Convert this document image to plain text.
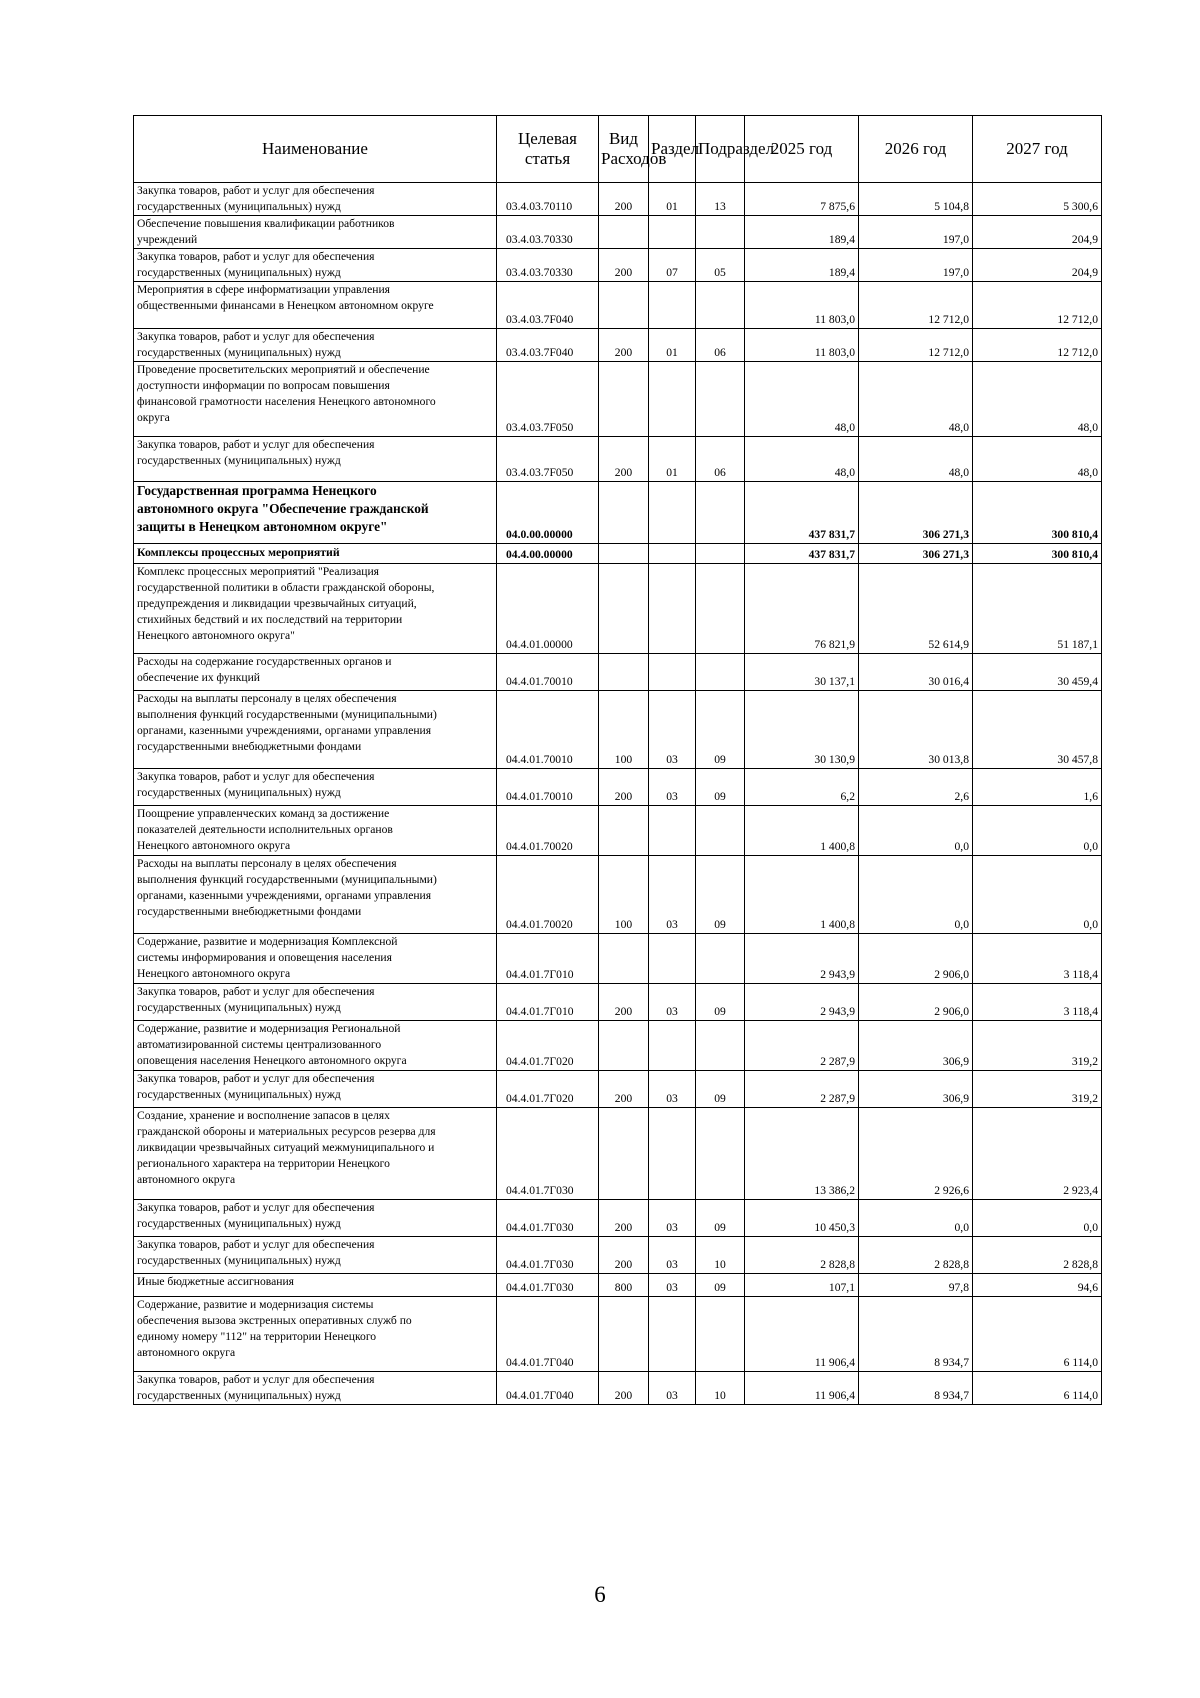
Наименование	Целевая статья	Вид Расходов	Раздел	Подраздел	2025 год	2026 год	2027 год
Закупка товаров, работ и услуг для обеспечения
государственных (муниципальных) нужд	03.4.03.70110	200	01	13	7 875,6	5 104,8	5 300,6
Обеспечение повышения квалификации работников
учреждений	03.4.03.70330				189,4	197,0	204,9
Закупка товаров, работ и услуг для обеспечения
государственных (муниципальных) нужд	03.4.03.70330	200	07	05	189,4	197,0	204,9
Мероприятия в сфере информатизации управления
общественными финансами в Ненецком автономном округе	03.4.03.7F040				11 803,0	12 712,0	12 712,0
Закупка товаров, работ и услуг для обеспечения
государственных (муниципальных) нужд	03.4.03.7F040	200	01	06	11 803,0	12 712,0	12 712,0
Проведение просветительских мероприятий и обеспечение
доступности информации по вопросам повышения
финансовой грамотности населения Ненецкого автономного
округа	03.4.03.7F050				48,0	48,0	48,0
Закупка товаров, работ и услуг для обеспечения
государственных (муниципальных) нужд	03.4.03.7F050	200	01	06	48,0	48,0	48,0
Государственная программа Ненецкого
автономного округа "Обеспечение гражданской
защиты в Ненецком автономном округе"	04.0.00.00000				437 831,7	306 271,3	300 810,4
Комплексы процессных мероприятий	04.4.00.00000				437 831,7	306 271,3	300 810,4
Комплекс процессных мероприятий "Реализация
государственной политики в области гражданской обороны,
предупреждения и ликвидации чрезвычайных ситуаций,
стихийных бедствий и их последствий на территории
Ненецкого автономного округа"	04.4.01.00000				76 821,9	52 614,9	51 187,1
Расходы на содержание государственных органов и
обеспечение их функций	04.4.01.70010				30 137,1	30 016,4	30 459,4
Расходы на выплаты персоналу в целях обеспечения
выполнения функций государственными (муниципальными)
органами, казенными учреждениями, органами управления
государственными внебюджетными фондами	04.4.01.70010	100	03	09	30 130,9	30 013,8	30 457,8
Закупка товаров, работ и услуг для обеспечения
государственных (муниципальных) нужд	04.4.01.70010	200	03	09	6,2	2,6	1,6
Поощрение управленческих команд за достижение
показателей деятельности исполнительных органов
Ненецкого автономного округа	04.4.01.70020				1 400,8	0,0	0,0
Расходы на выплаты персоналу в целях обеспечения
выполнения функций государственными (муниципальными)
органами, казенными учреждениями, органами управления
государственными внебюджетными фондами	04.4.01.70020	100	03	09	1 400,8	0,0	0,0
Содержание, развитие и модернизация Комплексной
системы информирования и оповещения населения
Ненецкого автономного округа	04.4.01.7Г010				2 943,9	2 906,0	3 118,4
Закупка товаров, работ и услуг для обеспечения
государственных (муниципальных) нужд	04.4.01.7Г010	200	03	09	2 943,9	2 906,0	3 118,4
Содержание, развитие и модернизация Региональной
автоматизированной системы централизованного
оповещения населения Ненецкого автономного округа	04.4.01.7Г020				2 287,9	306,9	319,2
Закупка товаров, работ и услуг для обеспечения
государственных (муниципальных) нужд	04.4.01.7Г020	200	03	09	2 287,9	306,9	319,2
Создание, хранение и восполнение запасов в целях
гражданской обороны и материальных ресурсов резерва для
ликвидации чрезвычайных ситуаций межмуниципального и
регионального характера на территории Ненецкого
автономного округа	04.4.01.7Г030				13 386,2	2 926,6	2 923,4
Закупка товаров, работ и услуг для обеспечения
государственных (муниципальных) нужд	04.4.01.7Г030	200	03	09	10 450,3	0,0	0,0
Закупка товаров, работ и услуг для обеспечения
государственных (муниципальных) нужд	04.4.01.7Г030	200	03	10	2 828,8	2 828,8	2 828,8
Иные бюджетные ассигнования	04.4.01.7Г030	800	03	09	107,1	97,8	94,6
Содержание, развитие и модернизация системы
обеспечения вызова экстренных оперативных служб по
единому номеру "112" на территории Ненецкого
автономного округа	04.4.01.7Г040				11 906,4	8 934,7	6 114,0
Закупка товаров, работ и услуг для обеспечения
государственных (муниципальных) нужд	04.4.01.7Г040	200	03	10	11 906,4	8 934,7	6 114,0
6
